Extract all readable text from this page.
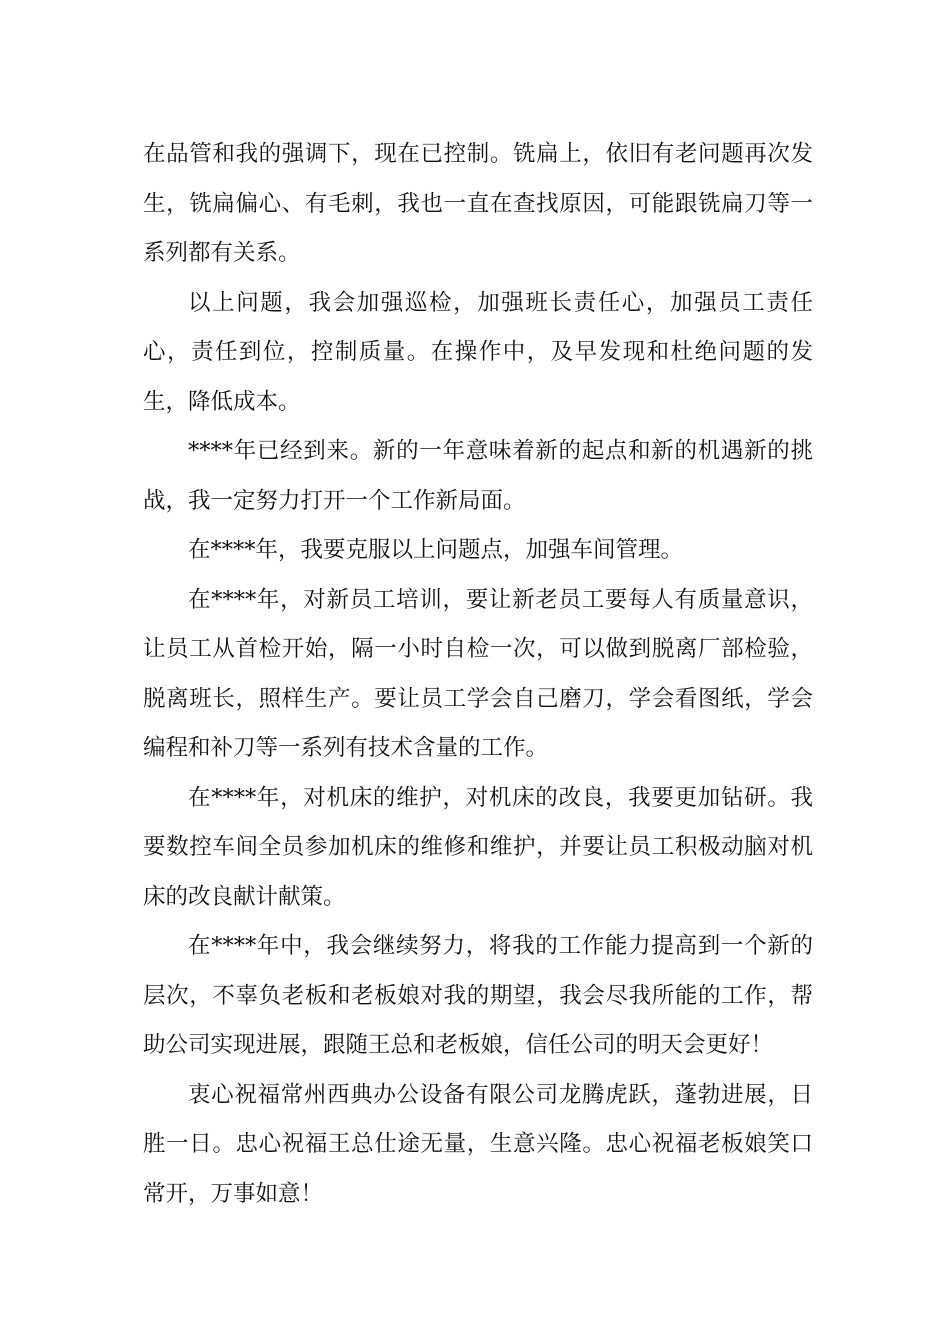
在品管和我的强调下，现在已控制。铣扁上，依旧有老问题再次发生，铣扁偏心、有毛刺，我也一直在查找原因，可能跟铣扁刀等一系列都有关系。

以上问题，我会加强巡检，加强班长责任心，加强员工责任心，责任到位，控制质量。在操作中，及早发现和杜绝问题的发生，降低成本。

****年已经到来。新的一年意味着新的起点和新的机遇新的挑战，我一定努力打开一个工作新局面。

在****年，我要克服以上问题点，加强车间管理。

在****年，对新员工培训，要让新老员工要每人有质量意识，让员工从首检开始，隔一小时自检一次，可以做到脱离厂部检验，脱离班长，照样生产。要让员工学会自己磨刀，学会看图纸，学会编程和补刀等一系列有技术含量的工作。

在****年，对机床的维护，对机床的改良，我要更加钻研。我要数控车间全员参加机床的维修和维护，并要让员工积极动脑对机床的改良献计献策。

在****年中，我会继续努力，将我的工作能力提高到一个新的层次，不辜负老板和老板娘对我的期望，我会尽我所能的工作，帮助公司实现进展，跟随王总和老板娘，信任公司的明天会更好！

衷心祝福常州西典办公设备有限公司龙腾虎跃，蓬勃进展，日胜一日。忠心祝福王总仕途无量，生意兴隆。忠心祝福老板娘笑口常开，万事如意！
